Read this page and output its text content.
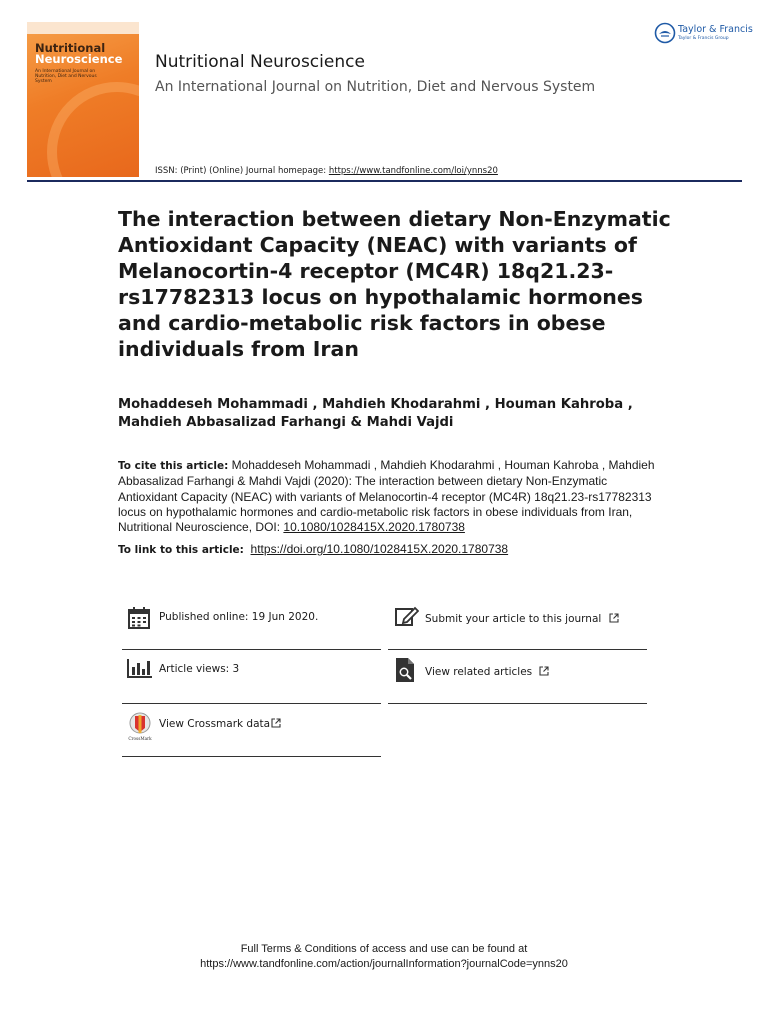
Nutritional
Neuroscience
An International Journal on Nutrition, Diet and Nervous System
Nutritional Neuroscience
An International Journal on Nutrition, Diet and Nervous System
Taylor & Francis
Taylor & Francis Group
ISSN: (Print) (Online) Journal homepage: https://www.tandfonline.com/loi/ynns20
The interaction between dietary Non-Enzymatic Antioxidant Capacity (NEAC) with variants of Melanocortin-4 receptor (MC4R) 18q21.23-rs17782313 locus on hypothalamic hormones and cardio-metabolic risk factors in obese individuals from Iran
Mohaddeseh Mohammadi , Mahdieh Khodarahmi , Houman Kahroba , Mahdieh Abbasalizad Farhangi & Mahdi Vajdi
To cite this article: Mohaddeseh Mohammadi , Mahdieh Khodarahmi , Houman Kahroba , Mahdieh Abbasalizad Farhangi & Mahdi Vajdi (2020): The interaction between dietary Non-Enzymatic Antioxidant Capacity (NEAC) with variants of Melanocortin-4 receptor (MC4R) 18q21.23-rs17782313 locus on hypothalamic hormones and cardio-metabolic risk factors in obese individuals from Iran, Nutritional Neuroscience, DOI: 10.1080/1028415X.2020.1780738
To link to this article: https://doi.org/10.1080/1028415X.2020.1780738
Published online: 19 Jun 2020.	Submit your article to this journal
Article views: 3	View related articles
CrossMark
View Crossmark data
Full Terms & Conditions of access and use can be found at
https://www.tandfonline.com/action/journalInformation?journalCode=ynns20
